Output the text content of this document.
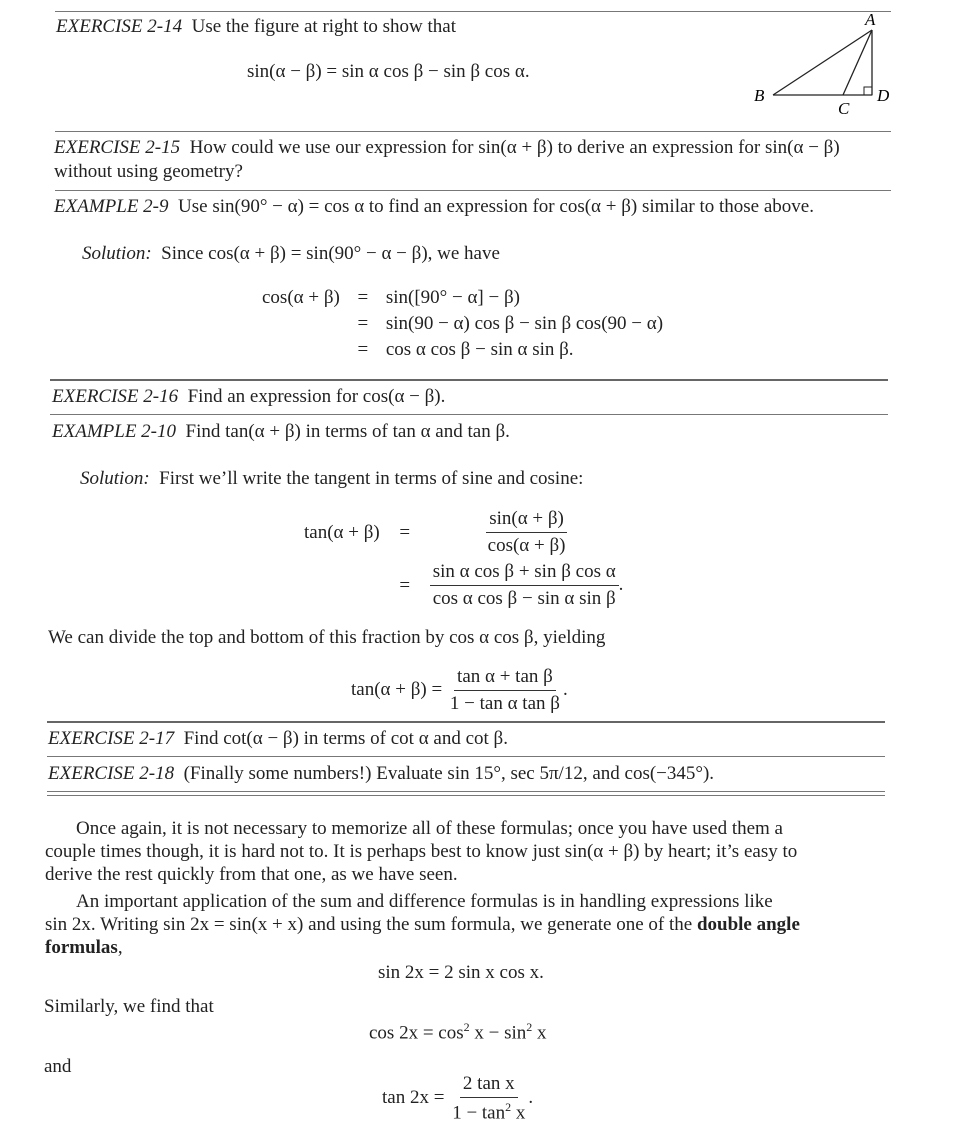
EXERCISE 2-14 Use the figure at right to show that
sin(α − β) = sin α cos β − sin β cos α.
A
B
C
D
EXERCISE 2-15 How could we use our expression for sin(α + β) to derive an expression for sin(α − β)
without using geometry?
EXAMPLE 2-9 Use sin(90° − α) = cos α to find an expression for cos(α + β) similar to those above.
Solution: Since cos(α + β) = sin(90° − α − β), we have
cos(α + β) = sin([90° − α] − β)
= sin(90 − α) cos β − sin β cos(90 − α)
= cos α cos β − sin α sin β.
EXERCISE 2-16 Find an expression for cos(α − β).
EXAMPLE 2-10 Find tan(α + β) in terms of tan α and tan β.
Solution: First we’ll write the tangent in terms of sine and cosine:
tan(α + β)	=	$\frac{\sin(\alpha + \beta)}{\cos(\alpha + \beta)}$
=	$\frac{\text{sin α cos β + sin β cos α}}{\text{cos α cos β − sin α sin β}}$ .
We can divide the top and bottom of this fraction by cos α cos β, yielding
$\tan(\alpha + \beta) = \frac{\text{tan α + tan β}}{\text{1 − tan α tan β}}$ .
EXERCISE 2-17 Find cot(α − β) in terms of cot α and cot β.
EXERCISE 2-18 (Finally some numbers!) Evaluate sin 15°, sec 5π/12, and cos(−345°).
Once again, it is not necessary to memorize all of these formulas; once you have used them a
couple times though, it is hard not to. It is perhaps best to know just sin(α + β) by heart; it’s easy to
derive the rest quickly from that one, as we have seen.
An important application of the sum and difference formulas is in handling expressions like
sin 2x. Writing sin 2x = sin(x + x) and using the sum formula, we generate one of the double angle
formulas,
sin 2x = 2 sin x cos x.
Similarly, we find that
$\cos 2x = \cos^2 x - \sin^2 x$
and
$\tan 2x = \frac{\text{2 tan x}}{1 - \tan^2 x}$ .
